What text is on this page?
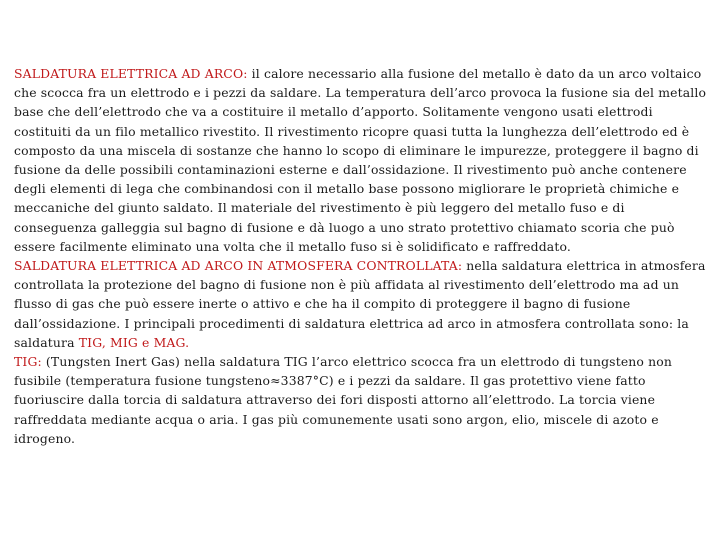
SALDATURA ELETTRICA AD ARCO: il calore necessario alla fusione del metallo è dato da un arco voltaico che scocca fra un elettrodo e i pezzi da saldare. La temperatura dell’arco provoca la fusione sia del metallo base che dell’elettrodo che va a costituire il metallo d’apporto. Solitamente vengono usati elettrodi costituiti da un filo metallico rivestito. Il rivestimento ricopre quasi tutta la lunghezza dell’elettrodo ed è composto da una miscela di sostanze che hanno lo scopo di eliminare le impurezze, proteggere il bagno di fusione da delle possibili contaminazioni esterne e dall’ossidazione. Il rivestimento può anche contenere degli elementi di lega che combinandosi con il metallo base possono migliorare le proprietà chimiche e meccaniche del giunto saldato. Il materiale del rivestimento è più leggero del metallo fuso e di conseguenza galleggia sul bagno di fusione e dà luogo a uno strato protettivo chiamato scoria che può essere facilmente eliminato una volta che il metallo fuso si è solidificato e raffreddato.

SALDATURA ELETTRICA AD ARCO IN ATMOSFERA CONTROLLATA: nella saldatura elettrica in atmosfera controllata la protezione del bagno di fusione non è più affidata al rivestimento dell’elettrodo ma ad un flusso di gas che può essere inerte o attivo e che ha il compito di proteggere il bagno di fusione dall’ossidazione. I principali procedimenti di saldatura elettrica ad arco in atmosfera controllata sono: la saldatura TIG, MIG e MAG.

TIG: (Tungsten Inert Gas) nella saldatura TIG l’arco elettrico scocca fra un elettrodo di tungsteno non fusibile (temperatura fusione tungsteno≈3387°C) e i pezzi da saldare. Il gas protettivo viene fatto fuoriuscire dalla torcia di saldatura attraverso dei fori disposti attorno all’elettrodo. La torcia viene raffreddata mediante acqua o aria. I gas più comunemente usati sono argon, elio, miscele di azoto e idrogeno.
